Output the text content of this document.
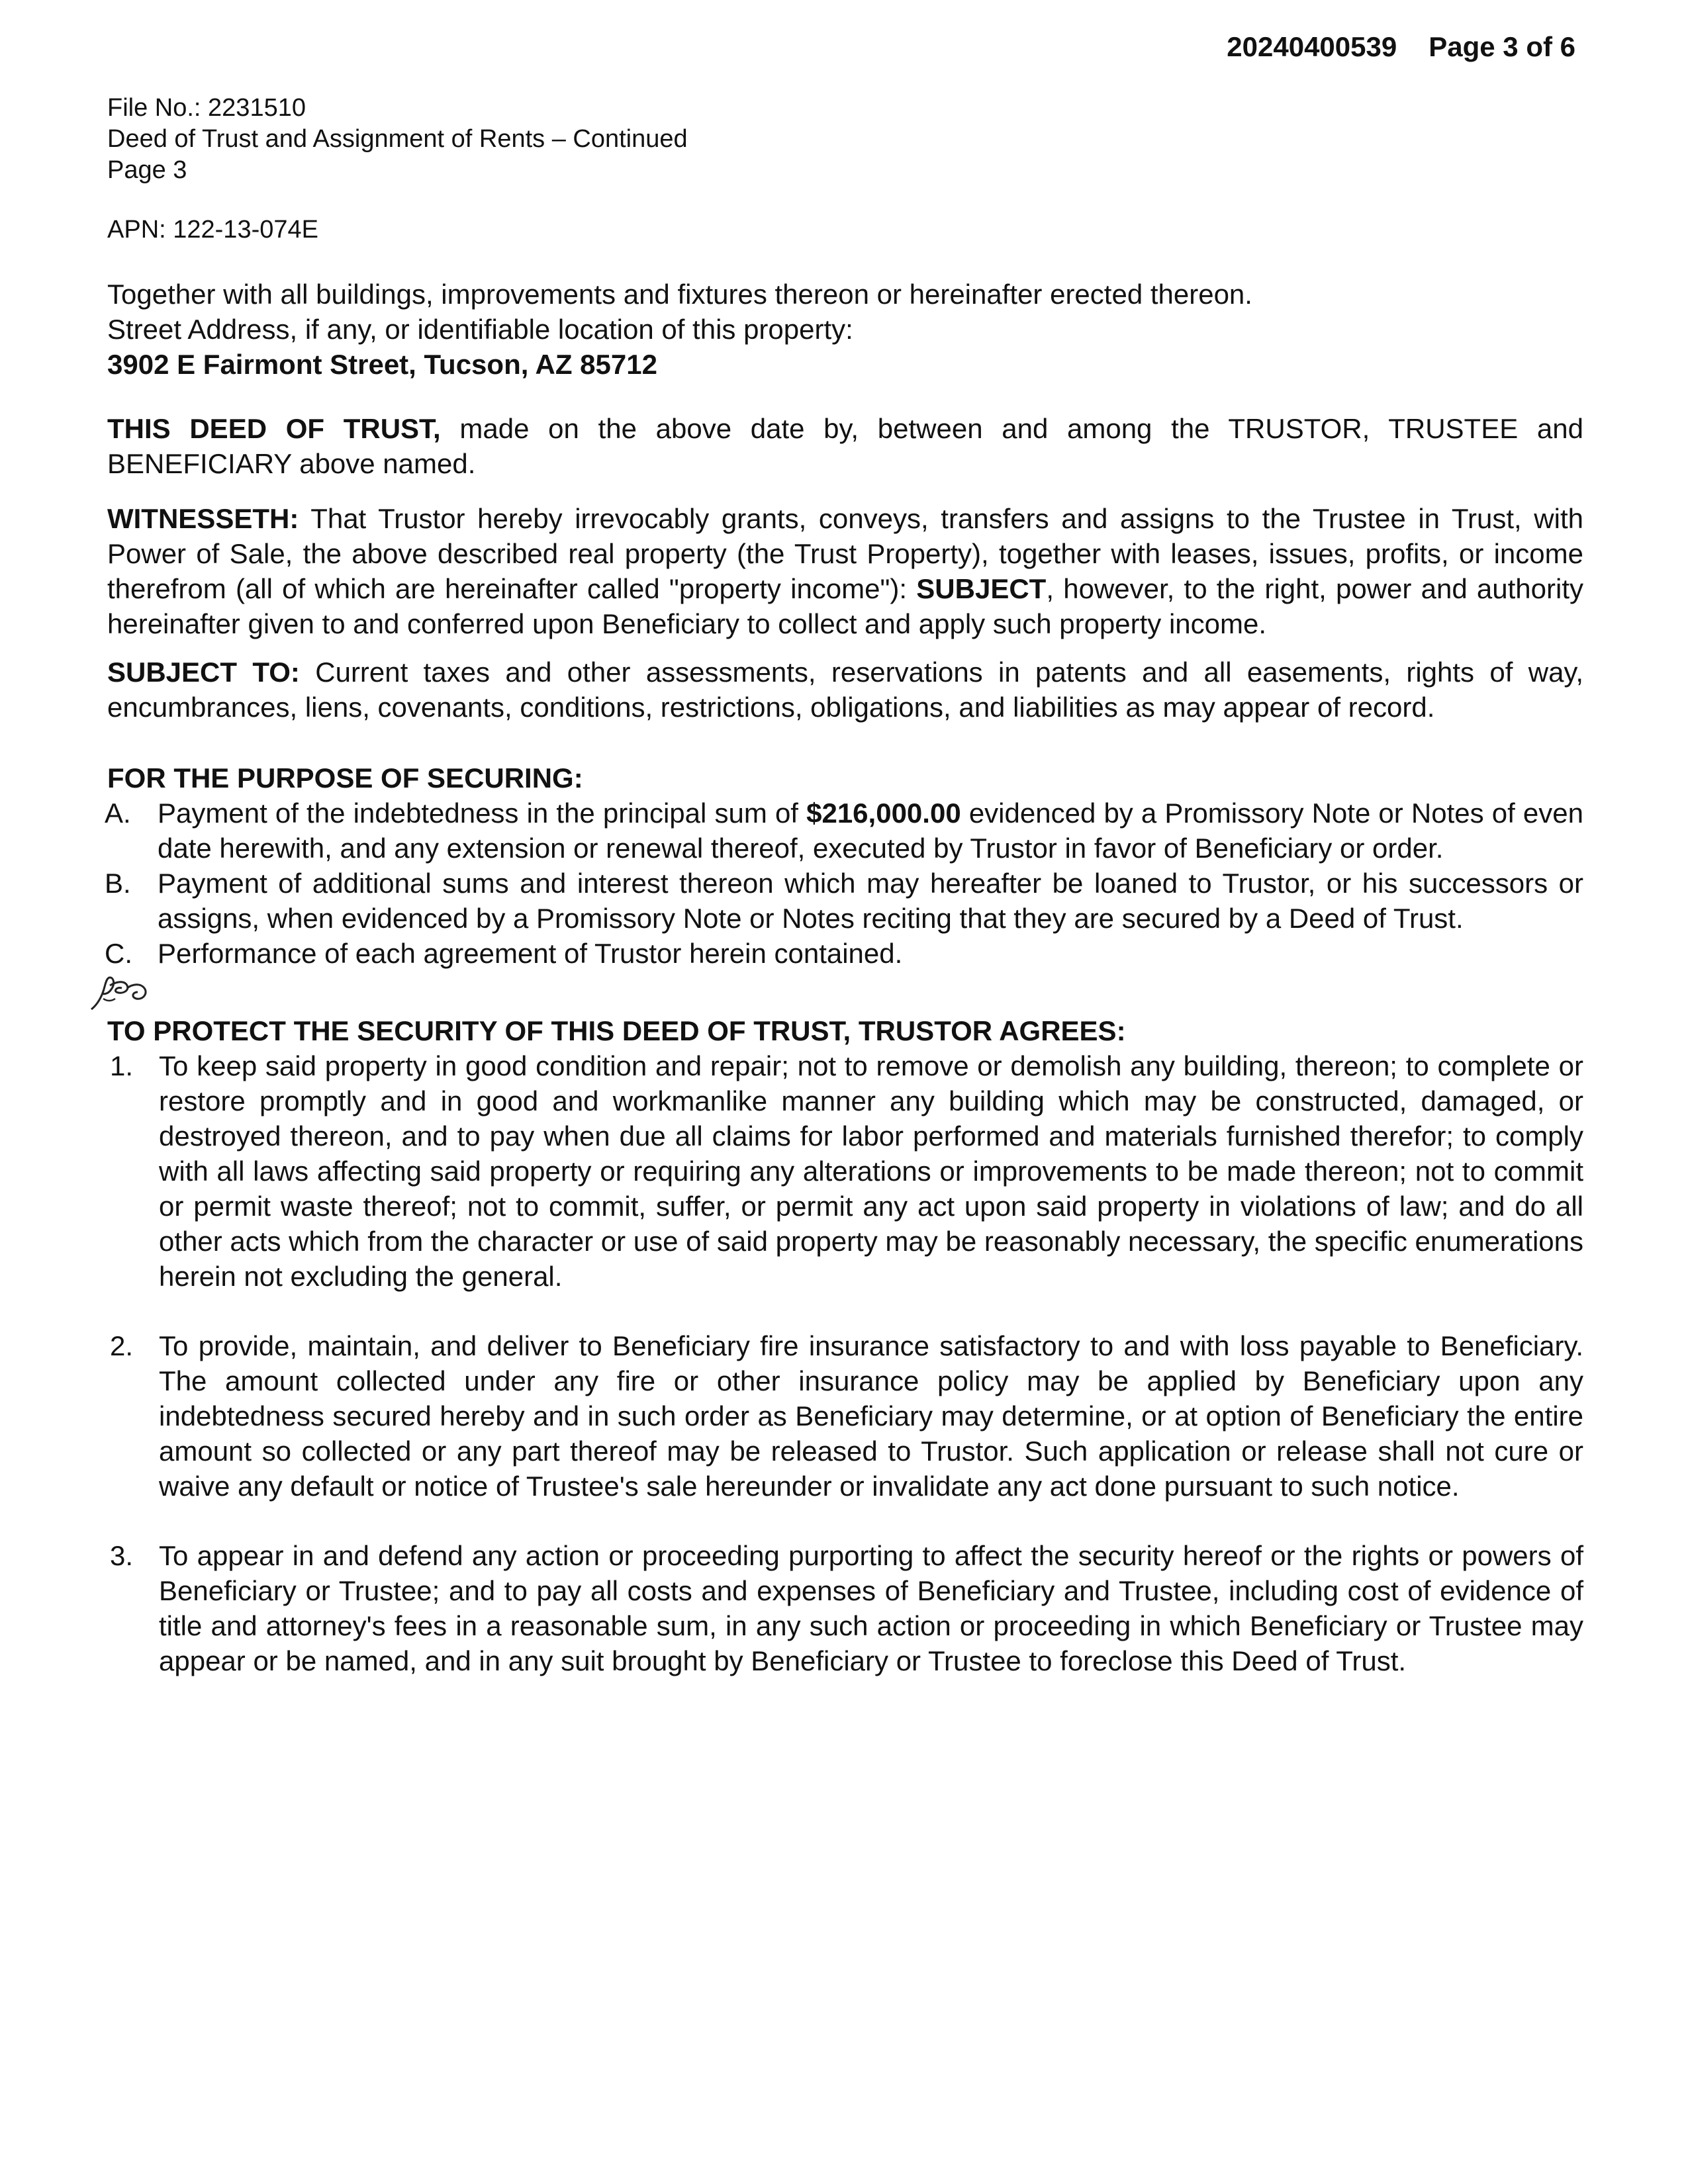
20240400539 Page 3 of 6

File No.: 2231510

Deed of Trust and Assignment of Rents – Continued

Page 3

APN: 122-13-074E

Together with all buildings, improvements and fixtures thereon or hereinafter erected thereon.

Street Address, if any, or identifiable location of this property:

3902 E Fairmont Street, Tucson, AZ 85712

THIS DEED OF TRUST, made on the above date by, between and among the TRUSTOR, TRUSTEE and BENEFICIARY above named.

WITNESSETH: That Trustor hereby irrevocably grants, conveys, transfers and assigns to the Trustee in Trust, with Power of Sale, the above described real property (the Trust Property), together with leases, issues, profits, or income therefrom (all of which are hereinafter called "property income"): SUBJECT, however, to the right, power and authority hereinafter given to and conferred upon Beneficiary to collect and apply such property income.

SUBJECT TO: Current taxes and other assessments, reservations in patents and all easements, rights of way, encumbrances, liens, covenants, conditions, restrictions, obligations, and liabilities as may appear of record.

FOR THE PURPOSE OF SECURING:

A. Payment of the indebtedness in the principal sum of $216,000.00 evidenced by a Promissory Note or Notes of even date herewith, and any extension or renewal thereof, executed by Trustor in favor of Beneficiary or order.
B. Payment of additional sums and interest thereon which may hereafter be loaned to Trustor, or his successors or assigns, when evidenced by a Promissory Note or Notes reciting that they are secured by a Deed of Trust.
C. Performance of each agreement of Trustor herein contained.

TO PROTECT THE SECURITY OF THIS DEED OF TRUST, TRUSTOR AGREES:

1. To keep said property in good condition and repair; not to remove or demolish any building, thereon; to complete or restore promptly and in good and workmanlike manner any building which may be constructed, damaged, or destroyed thereon, and to pay when due all claims for labor performed and materials furnished therefor; to comply with all laws affecting said property or requiring any alterations or improvements to be made thereon; not to commit or permit waste thereof; not to commit, suffer, or permit any act upon said property in violations of law; and do all other acts which from the character or use of said property may be reasonably necessary, the specific enumerations herein not excluding the general.
2. To provide, maintain, and deliver to Beneficiary fire insurance satisfactory to and with loss payable to Beneficiary. The amount collected under any fire or other insurance policy may be applied by Beneficiary upon any indebtedness secured hereby and in such order as Beneficiary may determine, or at option of Beneficiary the entire amount so collected or any part thereof may be released to Trustor. Such application or release shall not cure or waive any default or notice of Trustee's sale hereunder or invalidate any act done pursuant to such notice.
3. To appear in and defend any action or proceeding purporting to affect the security hereof or the rights or powers of Beneficiary or Trustee; and to pay all costs and expenses of Beneficiary and Trustee, including cost of evidence of title and attorney's fees in a reasonable sum, in any such action or proceeding in which Beneficiary or Trustee may appear or be named, and in any suit brought by Beneficiary or Trustee to foreclose this Deed of Trust.
